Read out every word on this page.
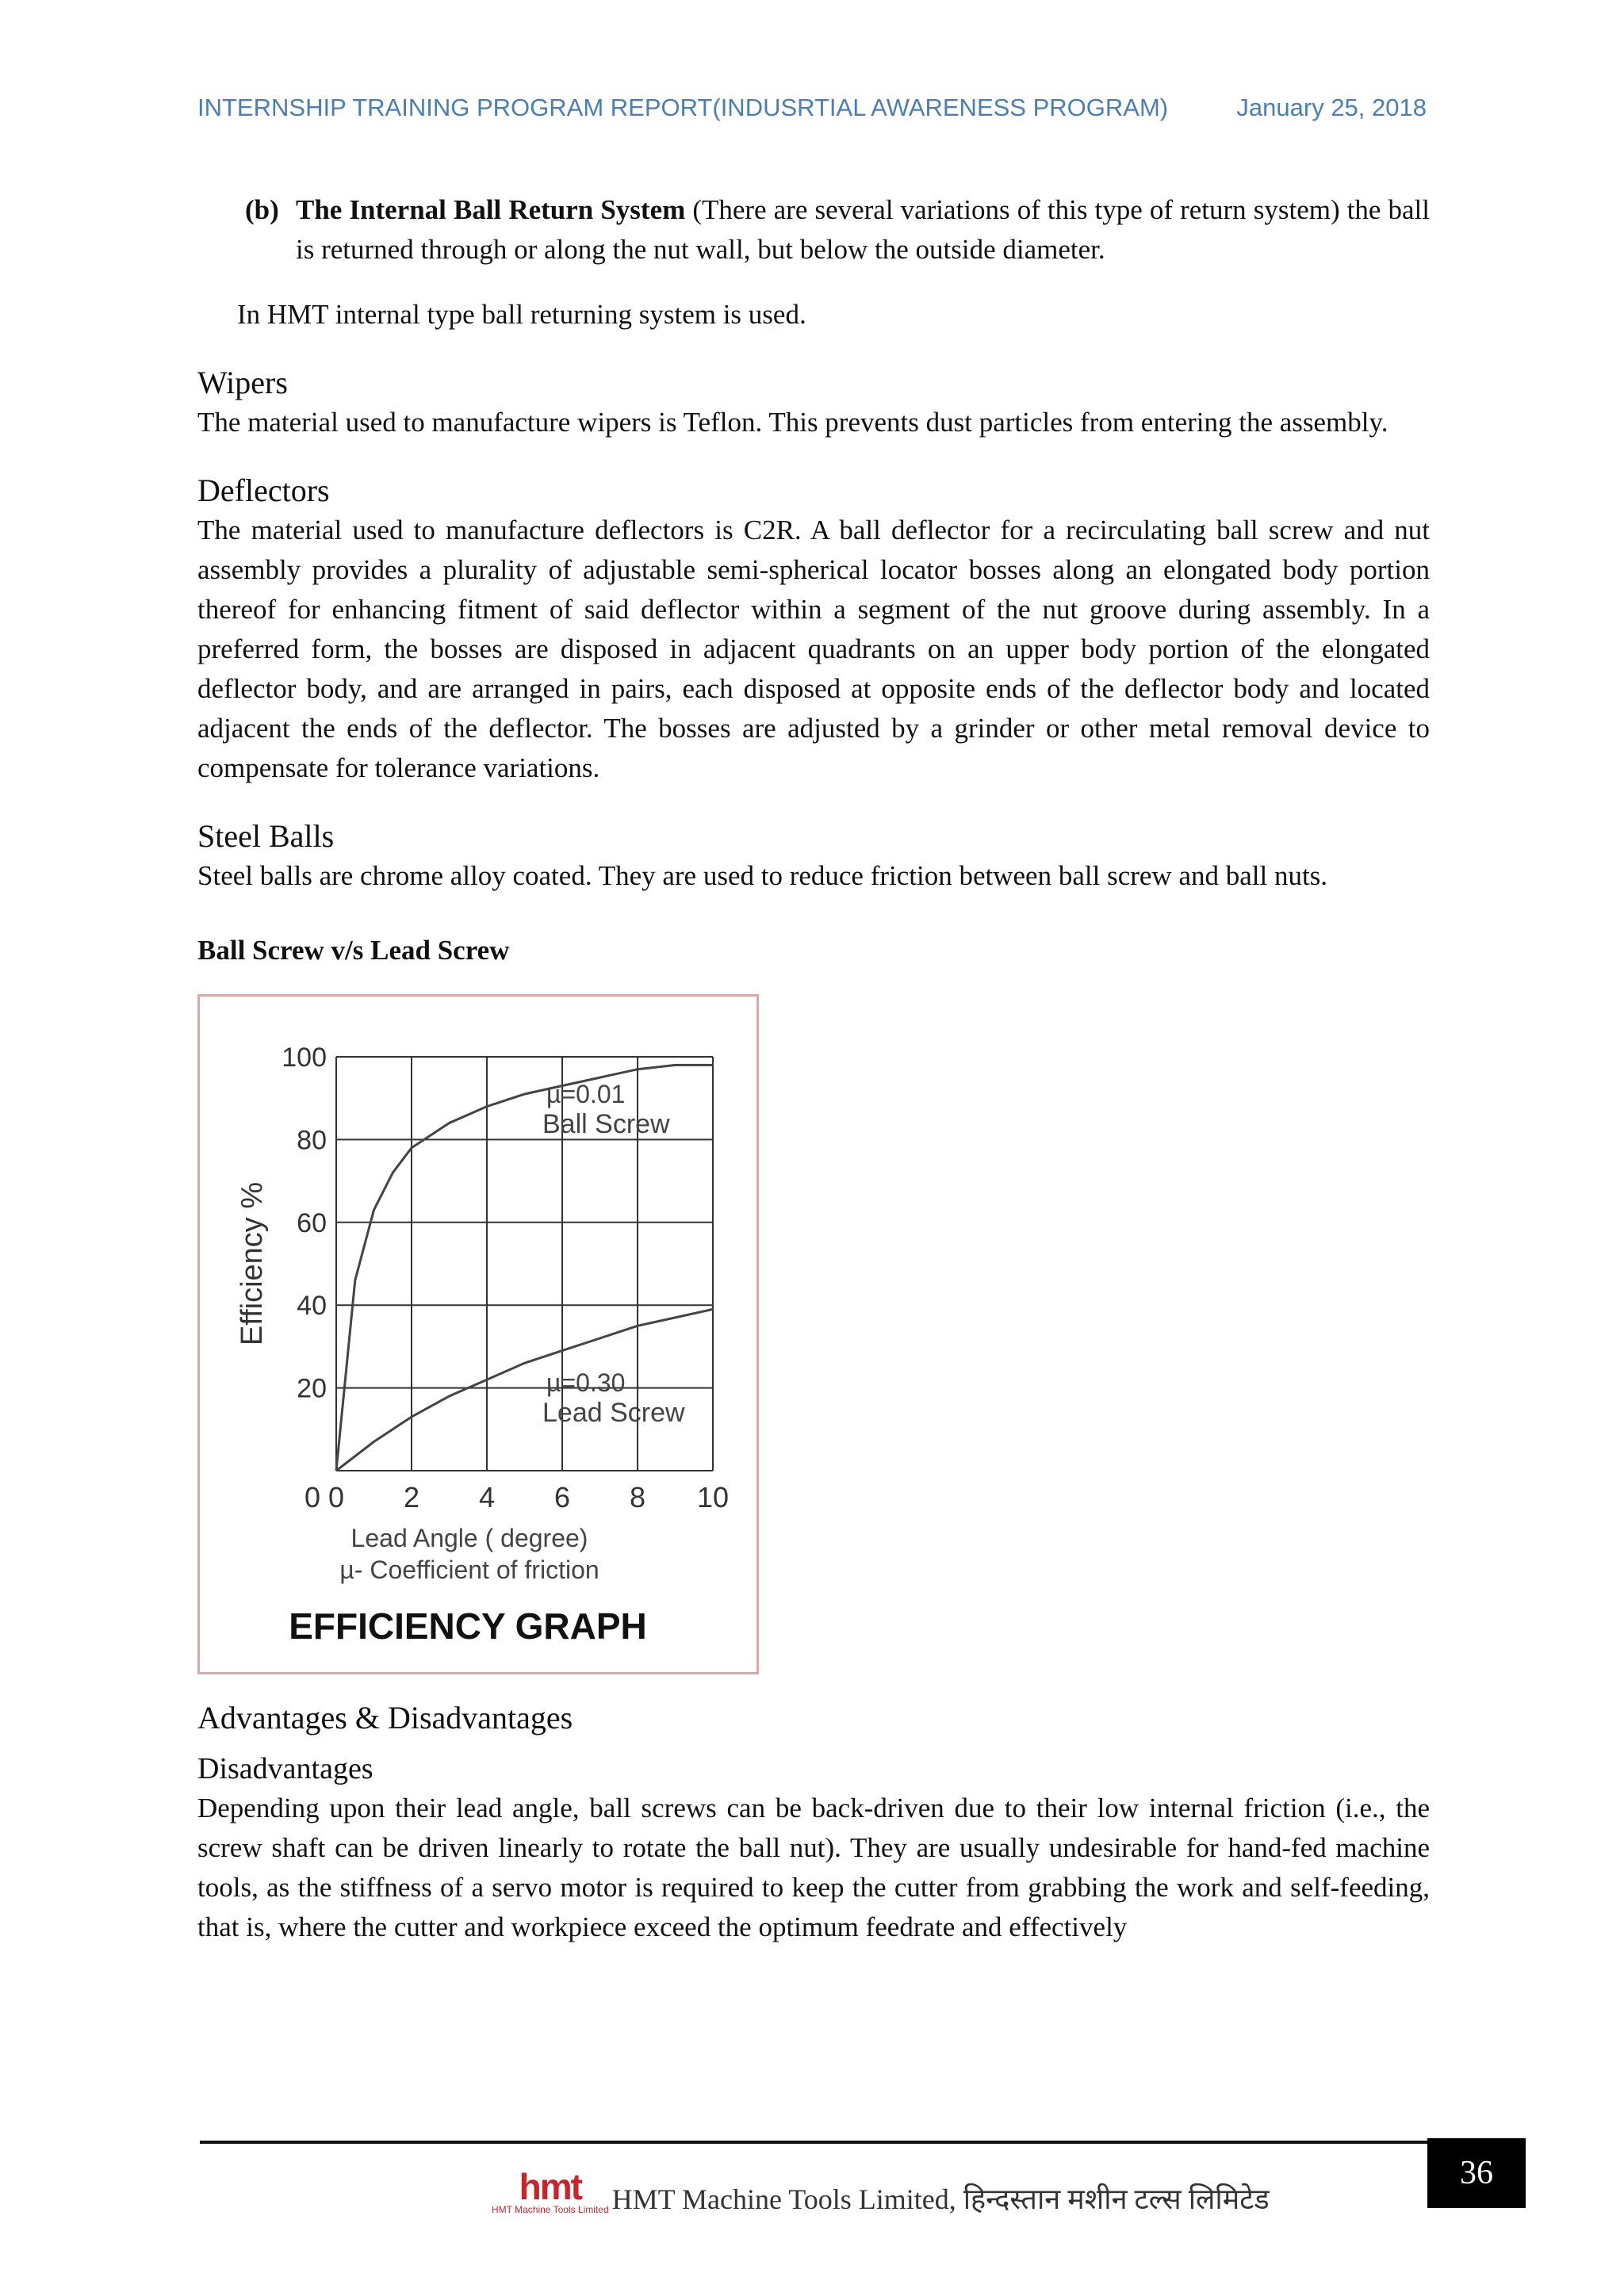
INTERNSHIP TRAINING PROGRAM REPORT(INDUSRTIAL AWARENESS PROGRAM)	January 25, 2018
(b) The Internal Ball Return System (There are several variations of this type of return system) the ball is returned through or along the nut wall, but below the outside diameter.

In HMT internal type ball returning system is used.

Wipers

The material used to manufacture wipers is Teflon. This prevents dust particles from entering the assembly.

Deflectors

The material used to manufacture deflectors is C2R. A ball deflector for a recirculating ball screw and nut assembly provides a plurality of adjustable semi-spherical locator bosses along an elongated body portion thereof for enhancing fitment of said deflector within a segment of the nut groove during assembly. In a preferred form, the bosses are disposed in adjacent quadrants on an upper body portion of the elongated deflector body, and are arranged in pairs, each disposed at opposite ends of the deflector body and located adjacent the ends of the deflector. The bosses are adjusted by a grinder or other metal removal device to compensate for tolerance variations.

Steel Balls

Steel balls are chrome alloy coated. They are used to reduce friction between ball screw and ball nuts.

Ball Screw v/s Lead Screw
0 2 4 6 8 10
20
40
60
80
100
0
Efficiency %
Lead Angle ( degree)
µ- Coefficient of friction
EFFICIENCY GRAPH
µ=0.01
Ball Screw
µ=0.30
Lead Screw
Advantages & Disadvantages
Disadvantages

Depending upon their lead angle, ball screws can be back-driven due to their low internal friction (i.e., the screw shaft can be driven linearly to rotate the ball nut). They are usually undesirable for hand-fed machine tools, as the stiffness of a servo motor is required to keep the cutter from grabbing the work and self-feeding, that is, where the cutter and workpiece exceed the optimum feedrate and effectively

hmt
HMT Machine Tools Limited HMT Machine Tools Limited, हिन्दस्तान मशीन टल्स लिमिटेड
36
